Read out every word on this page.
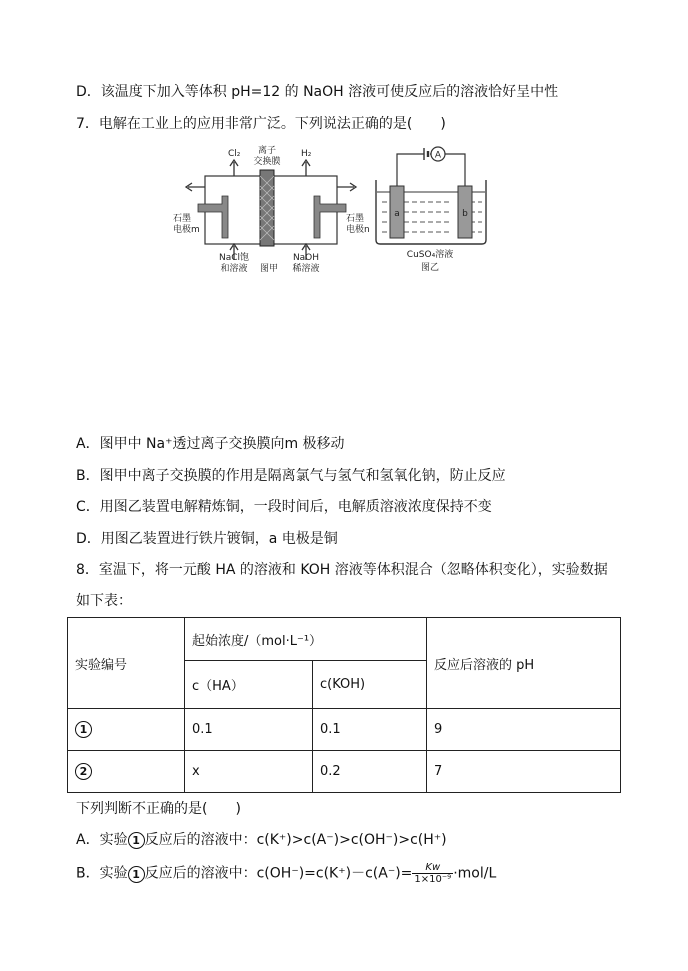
D．该温度下加入等体积 pH=12 的 NaOH 溶液可使反应后的溶液恰好呈中性
7．电解在工业上的应用非常广泛。下列说法正确的是(　　)
Cl₂ 离子
交换膜
H₂
石墨
电极m
石墨
电极n
NaCl饱
和溶液 图甲
NaOH
稀溶液
A
a	b
CuSO₄溶液
图乙
A．图甲中 Na⁺透过离子交换膜向m 极移动
B．图甲中离子交换膜的作用是隔离氯气与氢气和氢氧化钠，防止反应
C．用图乙装置电解精炼铜，一段时间后，电解质溶液浓度保持不变
D．用图乙装置进行铁片镀铜，a 电极是铜
8．室温下，将一元酸 HA 的溶液和 KOH 溶液等体积混合（忽略体积变化），实验数据
如下表：
实验编号	起始浓度/（mol·L⁻¹）		反应后溶液的 pH
	c（HA）	c(KOH)	
1	0.1	0.1	9
2	x	0.2	7
下列判断不正确的是(　　)
A．实验 1 反应后的溶液中：c(K⁺)>c(A⁻)>c(OH⁻)>c(H⁺)
B．实验 1 反应后的溶液中：$c(OH^-)=c(K^+)-c(A^-)= \frac{Kw}{\text{1×10⁻⁹}} \cdot mol/L$
